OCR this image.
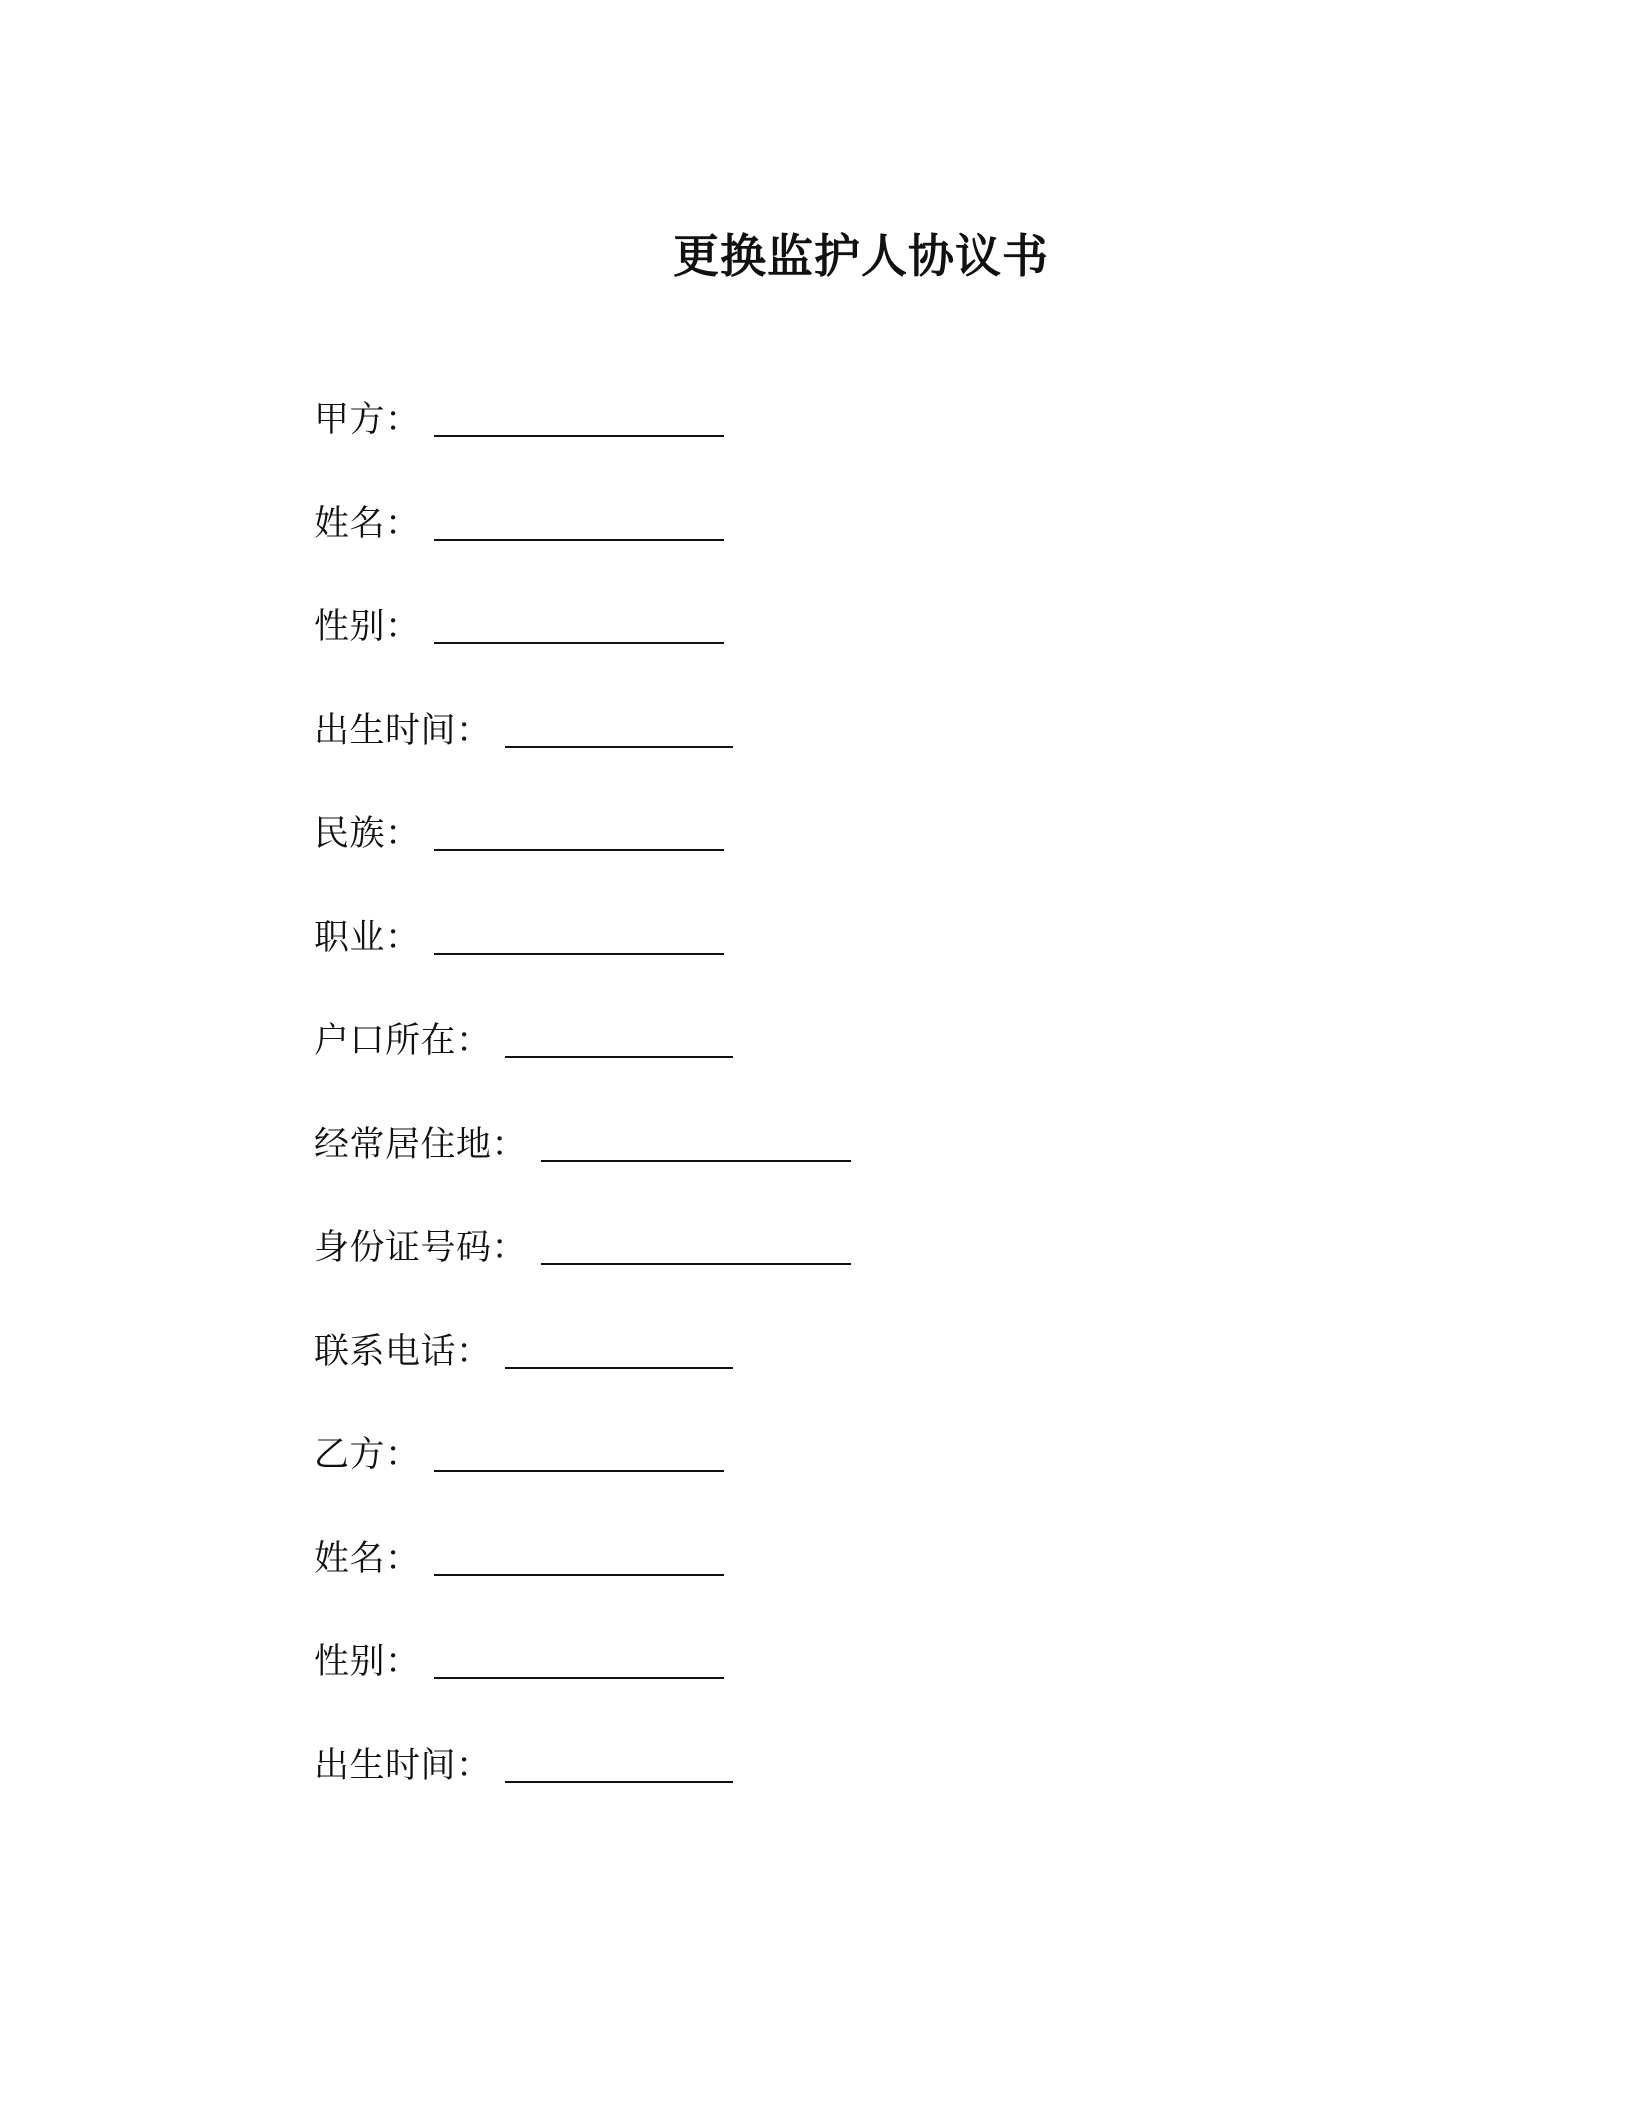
更换监护人协议书
甲方 ：
姓名 ：
性别 ：
出生时间 ：
民族 ：
职业 ：
户口所在 ：
经常居住地 ：
身份证号码 ：
联系电话 ：
乙方 ：
姓名 ：
性别 ：
出生时间 ：
